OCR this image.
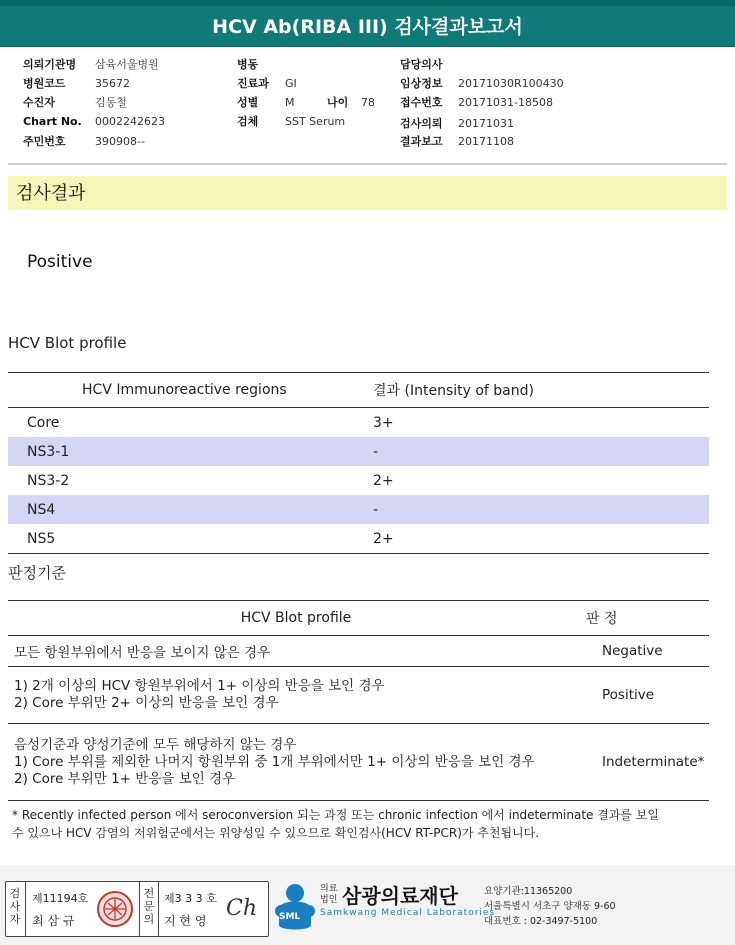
HCV Ab(RIBA III) 검사결과보고서
의뢰기관명 삼육서울병원
병원코드	35672
수진자	김동철
Chart No. 0002242623
주민번호	390908--
병동
진료과 GI
성별 M	나이 78
검체 SST Serum
담당의사
임상정보 20171030R100430
접수번호 20171031-18508
검사의뢰 20171031
결과보고 20171108
검사결과
Positive
HCV Blot profile
HCV Immunoreactive regions	결과 (Intensity of band)
Core	3+
NS3-1	-
NS3-2	2+
NS4	-
NS5	2+
판정기준
HCV Blot profile	판 정

모든 항원부위에서 반응을 보이지 않은 경우	Negative

1) 2개 이상의 HCV 항원부위에서 1+ 이상의 반응을 보인 경우
2) Core 부위만 2+ 이상의 반응을 보인 경우	Positive

음성기준과 양성기준에 모두 해당하지 않는 경우
1) Core 부위를 제외한 나머지 항원부위 중 1개 부위에서만 1+ 이상의 반응을 보인 경우
2) Core 부위만 1+ 반응을 보인 경우	Indeterminate*
* Recently infected person 에서 seroconversion 되는 과정 또는 chronic infection 에서 indeterminate 결과를 보일
수 있으나 HCV 감염의 저위험군에서는 위양성일 수 있으므로 확인검사(HCV RT-PCR)가 추천됩니다.
검사자
제11194호
최 삼 규
전문의
제3 3 3 호
지 현 영 Ch SML
의료
법인 삼광의료재단
Samkwang Medical Laboratories
요양기관:11365200
서울특별시 서초구 양재동 9-60
대표번호 : 02-3497-5100
